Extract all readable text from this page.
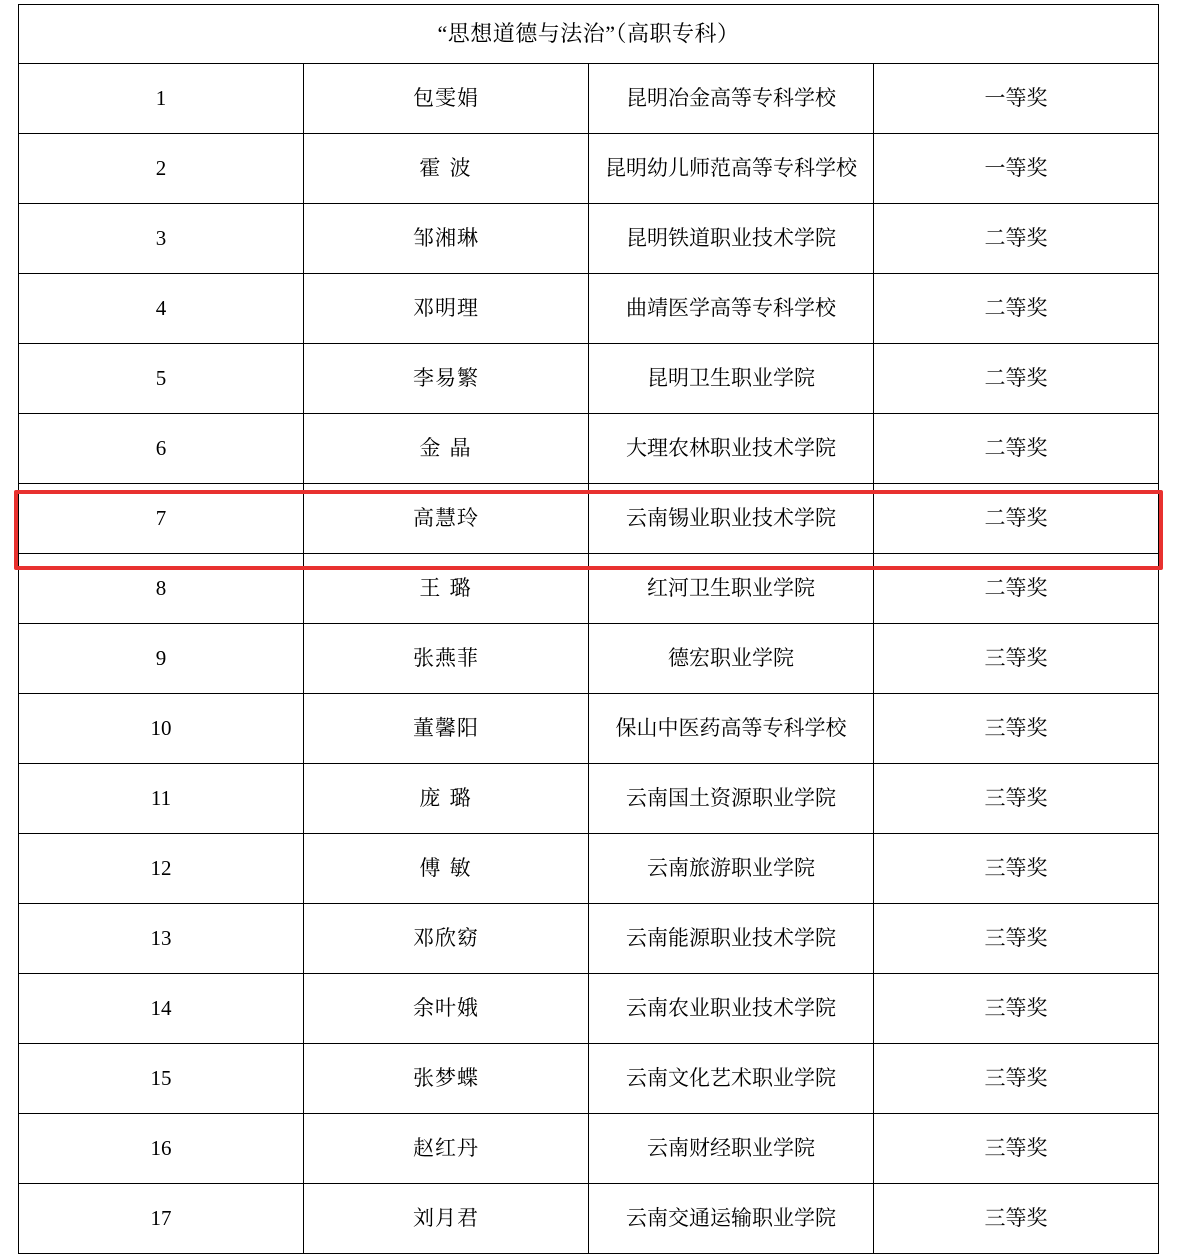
“思想道德与法治”（高职专科）			
1	包雯娟	昆明冶金高等专科学校	一等奖
2	霍 波	昆明幼儿师范高等专科学校	一等奖
3	邹湘琳	昆明铁道职业技术学院	二等奖
4	邓明理	曲靖医学高等专科学校	二等奖
5	李易繁	昆明卫生职业学院	二等奖
6	金 晶	大理农林职业技术学院	二等奖
7	高慧玲	云南锡业职业技术学院	二等奖
8	王 璐	红河卫生职业学院	二等奖
9	张燕菲	德宏职业学院	三等奖
10	董馨阳	保山中医药高等专科学校	三等奖
11	庞 璐	云南国土资源职业学院	三等奖
12	傅 敏	云南旅游职业学院	三等奖
13	邓欣窈	云南能源职业技术学院	三等奖
14	余叶娥	云南农业职业技术学院	三等奖
15	张梦蝶	云南文化艺术职业学院	三等奖
16	赵红丹	云南财经职业学院	三等奖
17	刘月君	云南交通运输职业学院	三等奖
